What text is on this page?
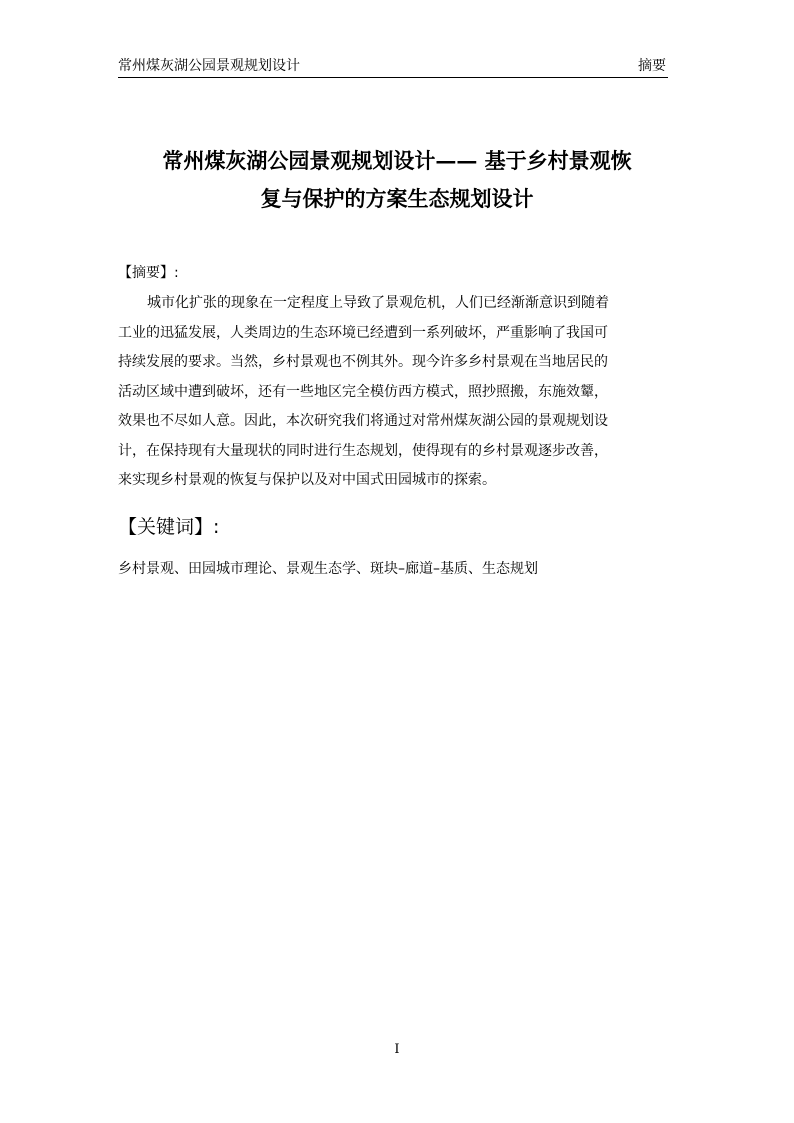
常州煤灰湖公园景观规划设计	摘要
常州煤灰湖公园景观规划设计—— 基于乡村景观恢
复与保护的方案生态规划设计
【摘要】:
城市化扩张的现象在一定程度上导致了景观危机，人们已经渐渐意识到随着
工业的迅猛发展，人类周边的生态环境已经遭到一系列破坏，严重影响了我国可
持续发展的要求。当然，乡村景观也不例其外。现今许多乡村景观在当地居民的
活动区域中遭到破坏，还有一些地区完全模仿西方模式，照抄照搬，东施效颦，
效果也不尽如人意。因此，本次研究我们将通过对常州煤灰湖公园的景观规划设
计，在保持现有大量现状的同时进行生态规划，使得现有的乡村景观逐步改善，
来实现乡村景观的恢复与保护以及对中国式田园城市的探索。
【关键词】:
乡村景观、田园城市理论、景观生态学、斑块–廊道–基质、生态规划
I
